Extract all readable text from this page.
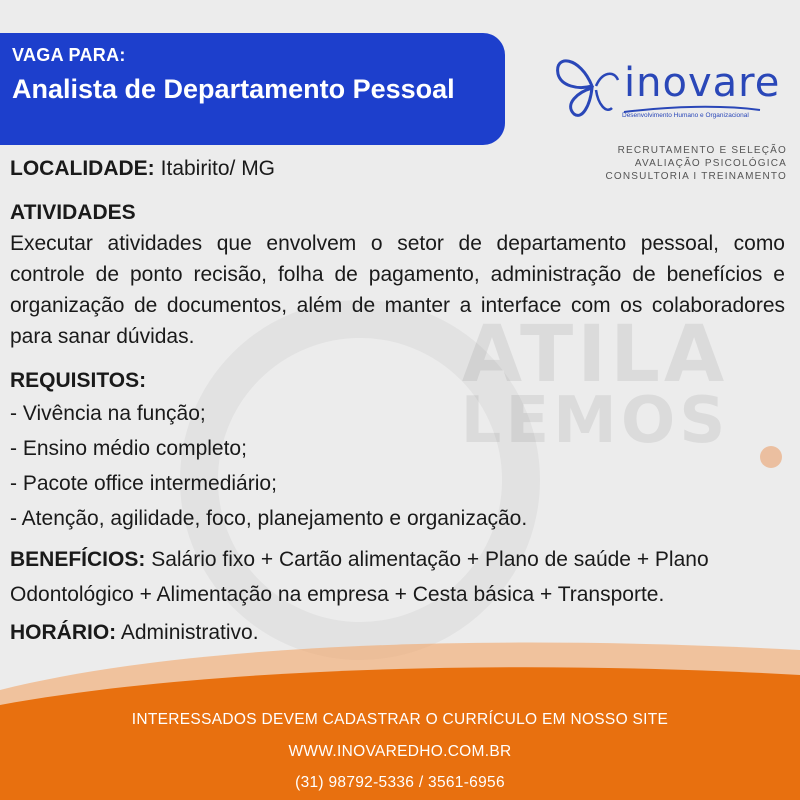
ATILA
LEMOS
VAGA PARA:
Analista de Departamento Pessoal	inovare
Desenvolvimento Humano e Organizacional
RECRUTAMENTO E SELEÇÃO
AVALIAÇÃO PSICOLÓGICA
CONSULTORIA I TREINAMENTO
LOCALIDADE: Itabirito/ MG
ATIVIDADES
Executar atividades que envolvem o setor de departamento pessoal, como controle de ponto recisão, folha de pagamento, administração de benefícios e organização de documentos, além de manter a interface com os colaboradores para sanar dúvidas.
REQUISITOS:
- Vivência na função;
- Ensino médio completo;
- Pacote office intermediário;
- Atenção, agilidade, foco, planejamento e organização.
BENEFÍCIOS: Salário fixo + Cartão alimentação + Plano de saúde + Plano Odontológico + Alimentação na empresa + Cesta básica + Transporte.
HORÁRIO: Administrativo.
INTERESSADOS DEVEM CADASTRAR O CURRÍCULO EM NOSSO SITE
WWW.INOVAREDHO.COM.BR
(31) 98792-5336 / 3561-6956
